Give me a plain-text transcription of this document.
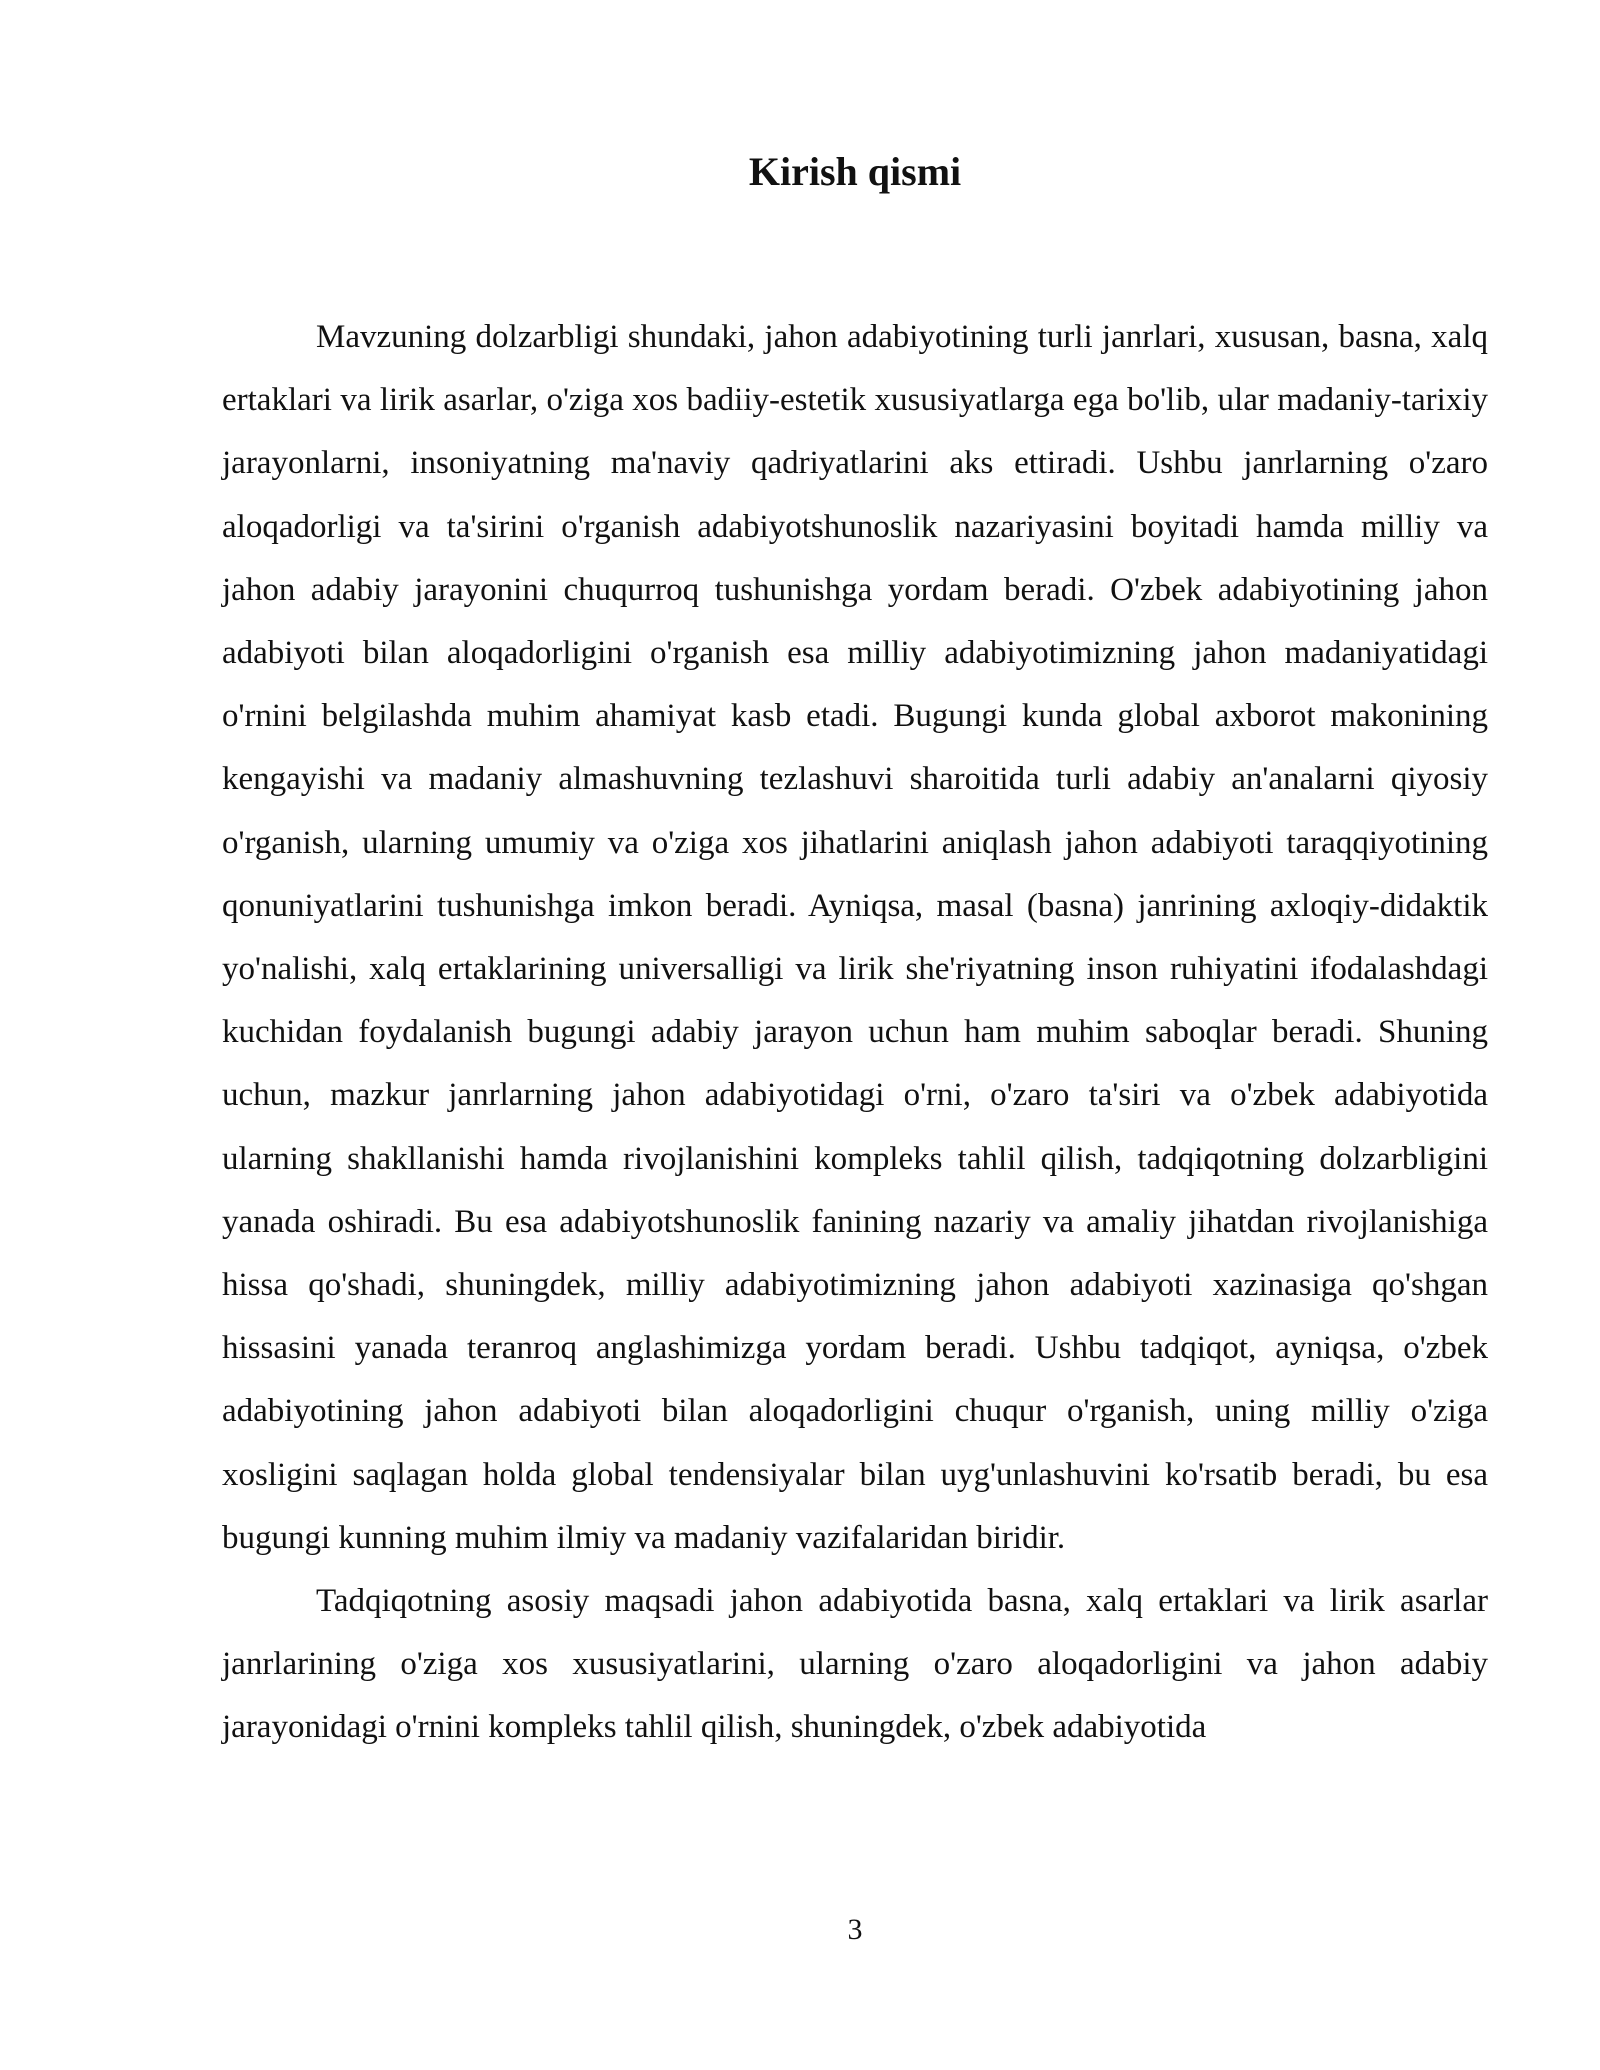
Kirish qismi

Mavzuning dolzarbligi shundaki, jahon adabiyotining turli janrlari, xususan, basna, xalq ertaklari va lirik asarlar, o'ziga xos badiiy-estetik xususiyatlarga ega bo'lib, ular madaniy-tarixiy jarayonlarni, insoniyatning ma'naviy qadriyatlarini aks ettiradi. Ushbu janrlarning o'zaro aloqadorligi va ta'sirini o'rganish adabiyotshunoslik nazariyasini boyitadi hamda milliy va jahon adabiy jarayonini chuqurroq tushunishga yordam beradi. O'zbek adabiyotining jahon adabiyoti bilan aloqadorligini o'rganish esa milliy adabiyotimizning jahon madaniyatidagi o'rnini belgilashda muhim ahamiyat kasb etadi. Bugungi kunda global axborot makonining kengayishi va madaniy almashuvning tezlashuvi sharoitida turli adabiy an'analarni qiyosiy o'rganish, ularning umumiy va o'ziga xos jihatlarini aniqlash jahon adabiyoti taraqqiyotining qonuniyatlarini tushunishga imkon beradi. Ayniqsa, masal (basna) janrining axloqiy-didaktik yo'nalishi, xalq ertaklarining universalligi va lirik she'riyatning inson ruhiyatini ifodalashdagi kuchidan foydalanish bugungi adabiy jarayon uchun ham muhim saboqlar beradi. Shuning uchun, mazkur janrlarning jahon adabiyotidagi o'rni, o'zaro ta'siri va o'zbek adabiyotida ularning shakllanishi hamda rivojlanishini kompleks tahlil qilish, tadqiqotning dolzarbligini yanada oshiradi. Bu esa adabiyotshunoslik fanining nazariy va amaliy jihatdan rivojlanishiga hissa qo'shadi, shuningdek, milliy adabiyotimizning jahon adabiyoti xazinasiga qo'shgan hissasini yanada teranroq anglashimizga yordam beradi. Ushbu tadqiqot, ayniqsa, o'zbek adabiyotining jahon adabiyoti bilan aloqadorligini chuqur o'rganish, uning milliy o'ziga xosligini saqlagan holda global tendensiyalar bilan uyg'unlashuvini ko'rsatib beradi, bu esa bugungi kunning muhim ilmiy va madaniy vazifalaridan biridir.

Tadqiqotning asosiy maqsadi jahon adabiyotida basna, xalq ertaklari va lirik asarlar janrlarining o'ziga xos xususiyatlarini, ularning o'zaro aloqadorligini va jahon adabiy jarayonidagi o'rnini kompleks tahlil qilish, shuningdek, o'zbek adabiyotida

3
